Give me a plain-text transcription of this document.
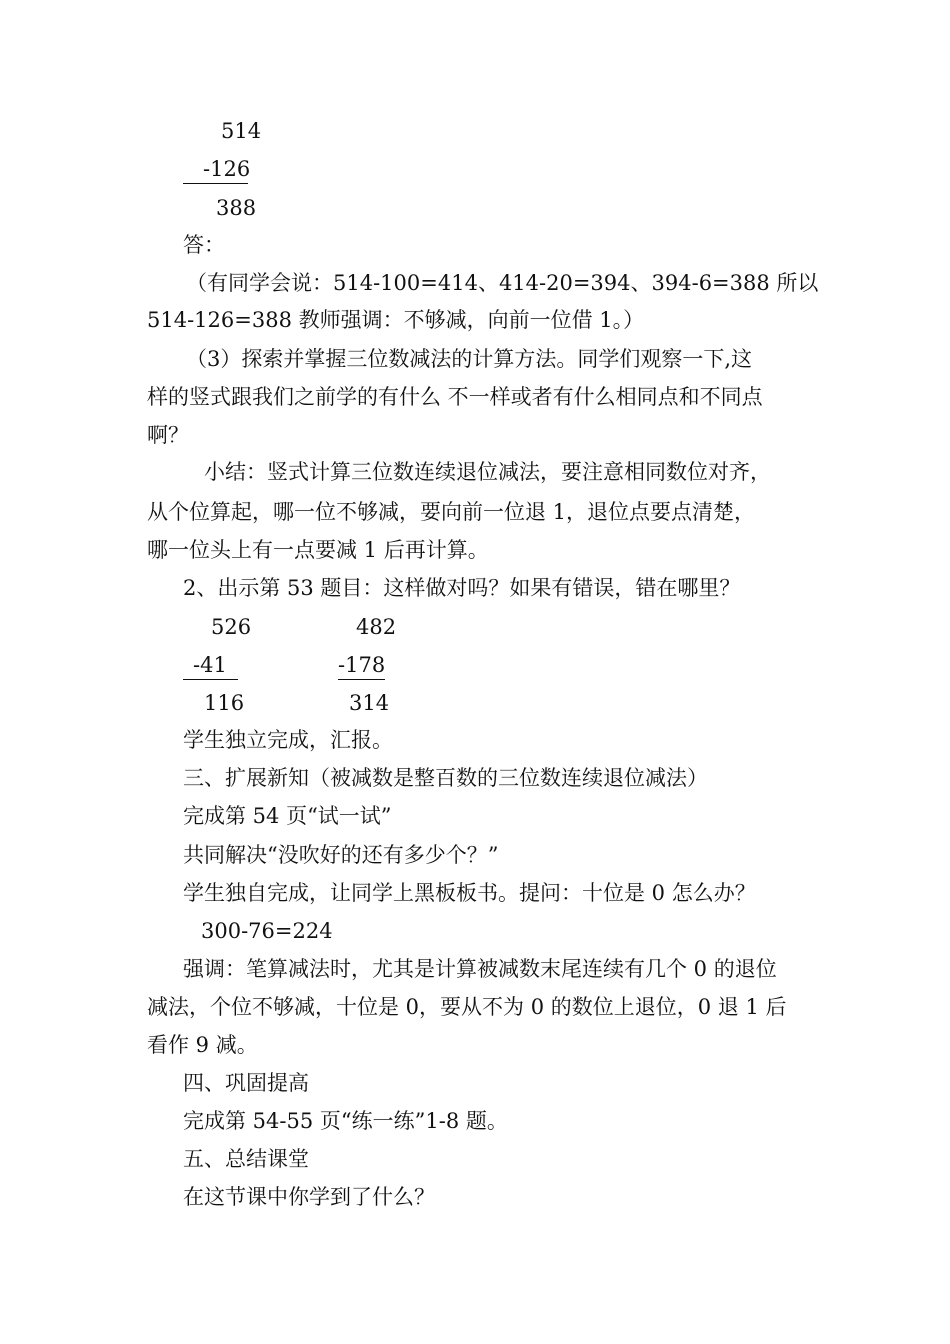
514
-126
388
答：
（有同学会说：514-100=414、414-20=394、394-6=388 所以
514-126=388 教师强调：不够减，向前一位借 1。）
（3）探索并掌握三位数减法的计算方法。同学们观察一下,这
样的竖式跟我们之前学的有什么 不一样或者有什么相同点和不同点
啊？
小结：竖式计算三位数连续退位减法，要注意相同数位对齐，
从个位算起，哪一位不够减，要向前一位退 1，退位点要点清楚，
哪一位头上有一点要减 1 后再计算。
2、出示第 53 题目：这样做对吗？如果有错误，错在哪里？
526
-41
116
482
-178
314
学生独立完成，汇报。
三、扩展新知（被减数是整百数的三位数连续退位减法）
完成第 54 页“试一试”
共同解决“没吹好的还有多少个？”
学生独自完成，让同学上黑板板书。提问：十位是 0 怎么办？
300-76=224
强调：笔算减法时，尤其是计算被减数末尾连续有几个 0 的退位
减法，个位不够减，十位是 0，要从不为 0 的数位上退位，0 退 1 后
看作 9 减。
四、巩固提高
完成第 54-55 页“练一练”1-8 题。
五、总结课堂
在这节课中你学到了什么？
